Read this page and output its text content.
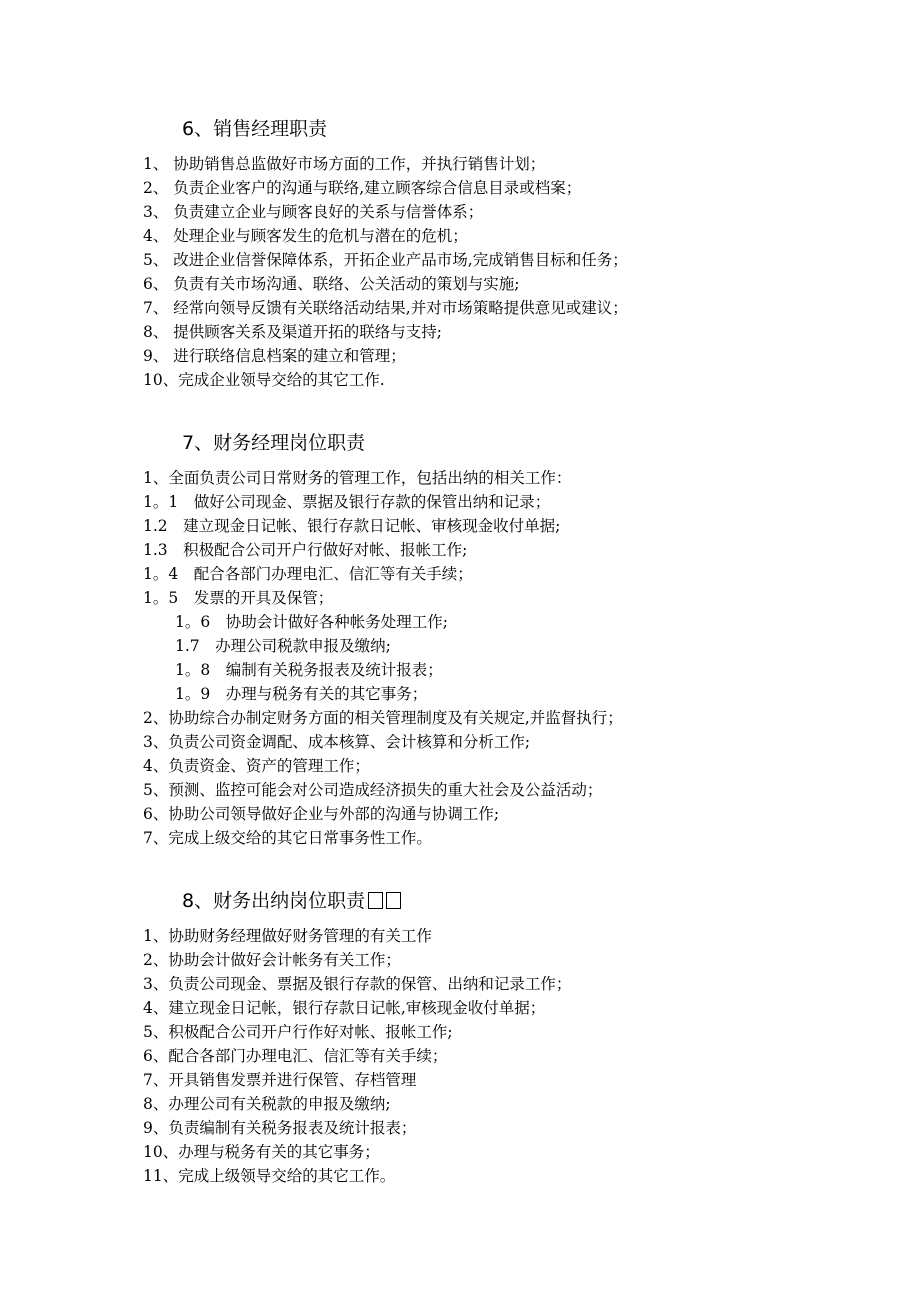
6、销售经理职责
1、 协助销售总监做好市场方面的工作，并执行销售计划；
2、 负责企业客户的沟通与联络,建立顾客综合信息目录或档案；
3、 负责建立企业与顾客良好的关系与信誉体系；
4、 处理企业与顾客发生的危机与潜在的危机；
5、 改进企业信誉保障体系，开拓企业产品市场,完成销售目标和任务；
6、 负责有关市场沟通、联络、公关活动的策划与实施;
7、 经常向领导反馈有关联络活动结果,并对市场策略提供意见或建议；
8、 提供顾客关系及渠道开拓的联络与支持;
9、 进行联络信息档案的建立和管理；
10、完成企业领导交给的其它工作.
7、财务经理岗位职责
1、全面负责公司日常财务的管理工作，包括出纳的相关工作：
1。1　做好公司现金、票据及银行存款的保管出纳和记录；
1.2　建立现金日记帐、银行存款日记帐、审核现金收付单据;
1.3　积极配合公司开户行做好对帐、报帐工作;
1。4　配合各部门办理电汇、信汇等有关手续；
1。5　发票的开具及保管；
1。6　协助会计做好各种帐务处理工作;
1.7　办理公司税款申报及缴纳;
1。8　编制有关税务报表及统计报表；
1。9　办理与税务有关的其它事务；
2、协助综合办制定财务方面的相关管理制度及有关规定,并监督执行；
3、负责公司资金调配、成本核算、会计核算和分析工作;
4、负责资金、资产的管理工作；
5、预测、监控可能会对公司造成经济损失的重大社会及公益活动；
6、协助公司领导做好企业与外部的沟通与协调工作;
7、完成上级交给的其它日常事务性工作。
8、财务出纳岗位职责
1、协助财务经理做好财务管理的有关工作
2、协助会计做好会计帐务有关工作；
3、负责公司现金、票据及银行存款的保管、出纳和记录工作；
4、建立现金日记帐，银行存款日记帐,审核现金收付单据；
5、积极配合公司开户行作好对帐、报帐工作;
6、配合各部门办理电汇、信汇等有关手续；
7、开具销售发票并进行保管、存档管理
8、办理公司有关税款的申报及缴纳;
9、负责编制有关税务报表及统计报表；
10、办理与税务有关的其它事务；
11、完成上级领导交给的其它工作。
